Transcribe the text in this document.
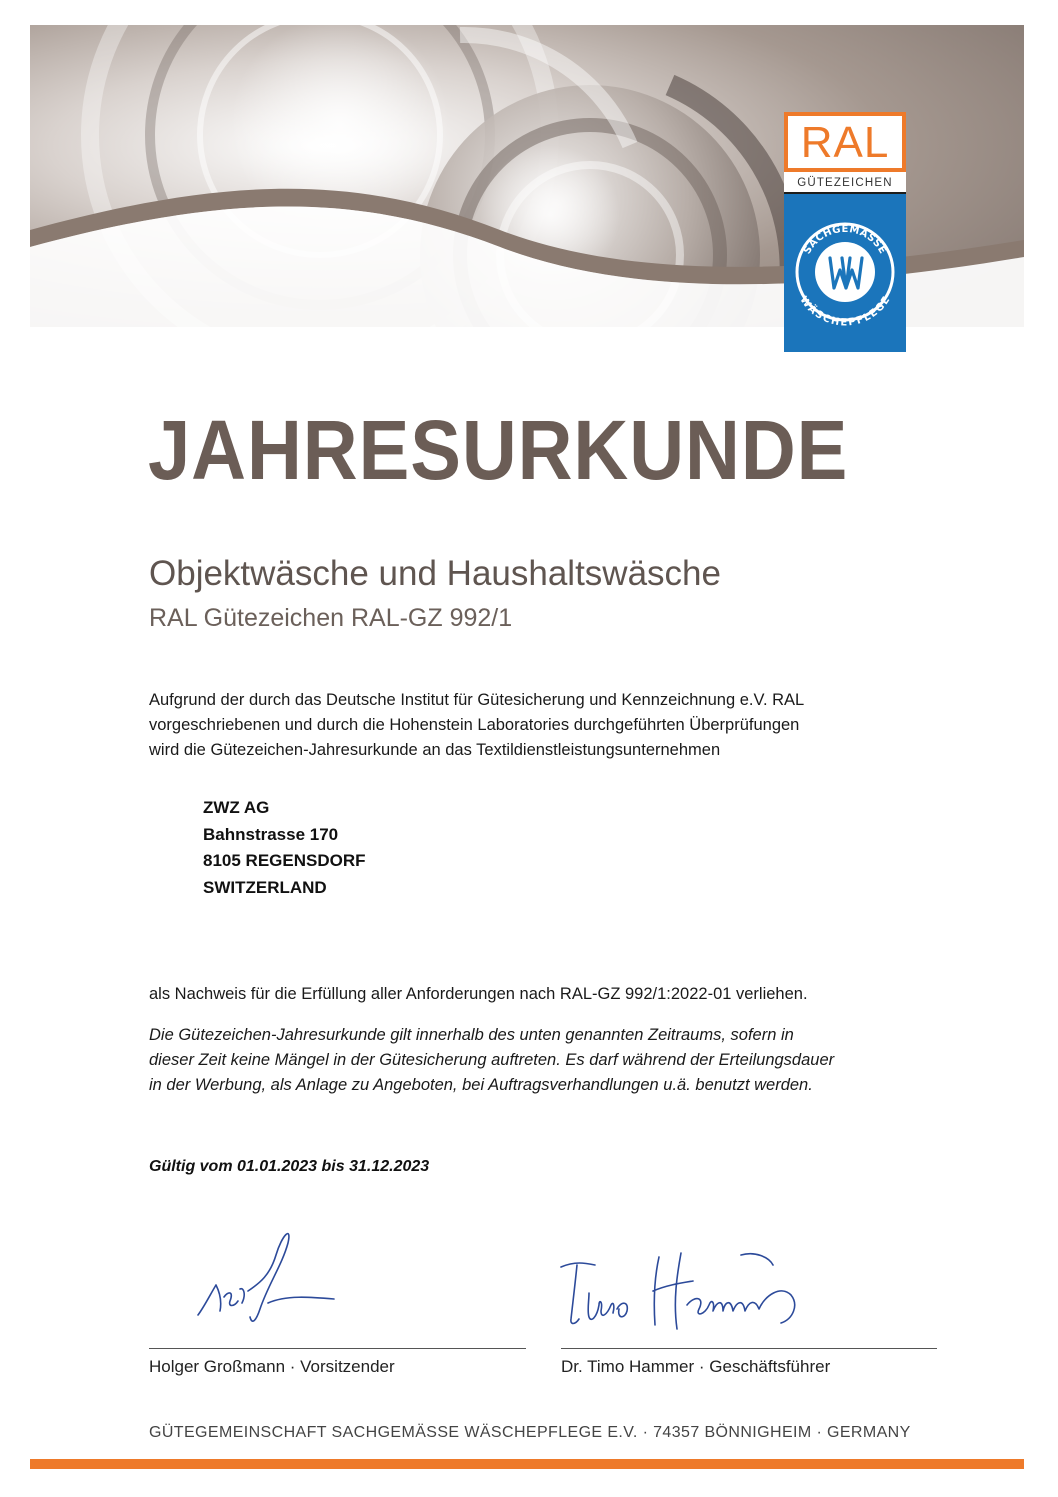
RAL
GÜTEZEICHEN
SACHGEMÄSSE
WÄSCHEPFLEGE
JAHRESURKUNDE
Objektwäsche und Haushaltswäsche
RAL Gütezeichen RAL-GZ 992/1
Aufgrund der durch das Deutsche Institut für Gütesicherung und Kennzeichnung e.V. RAL
vorgeschriebenen und durch die Hohenstein Laboratories durchgeführten Überprüfungen
wird die Gütezeichen-Jahresurkunde an das Textildienstleistungsunternehmen
ZWZ AG
Bahnstrasse 170
8105 REGENSDORF
SWITZERLAND
als Nachweis für die Erfüllung aller Anforderungen nach RAL-GZ 992/1:2022-01 verliehen.
Die Gütezeichen-Jahresurkunde gilt innerhalb des unten genannten Zeitraums, sofern in
dieser Zeit keine Mängel in der Gütesicherung auftreten. Es darf während der Erteilungsdauer
in der Werbung, als Anlage zu Angeboten, bei Auftragsverhandlungen u.ä. benutzt werden.
Gültig vom 01.01.2023 bis 31.12.2023
Holger Großmann · Vorsitzender	Dr. Timo Hammer · Geschäftsführer
GÜTEGEMEINSCHAFT SACHGEMÄSSE WÄSCHEPFLEGE E.V. · 74357 BÖNNIGHEIM · GERMANY
